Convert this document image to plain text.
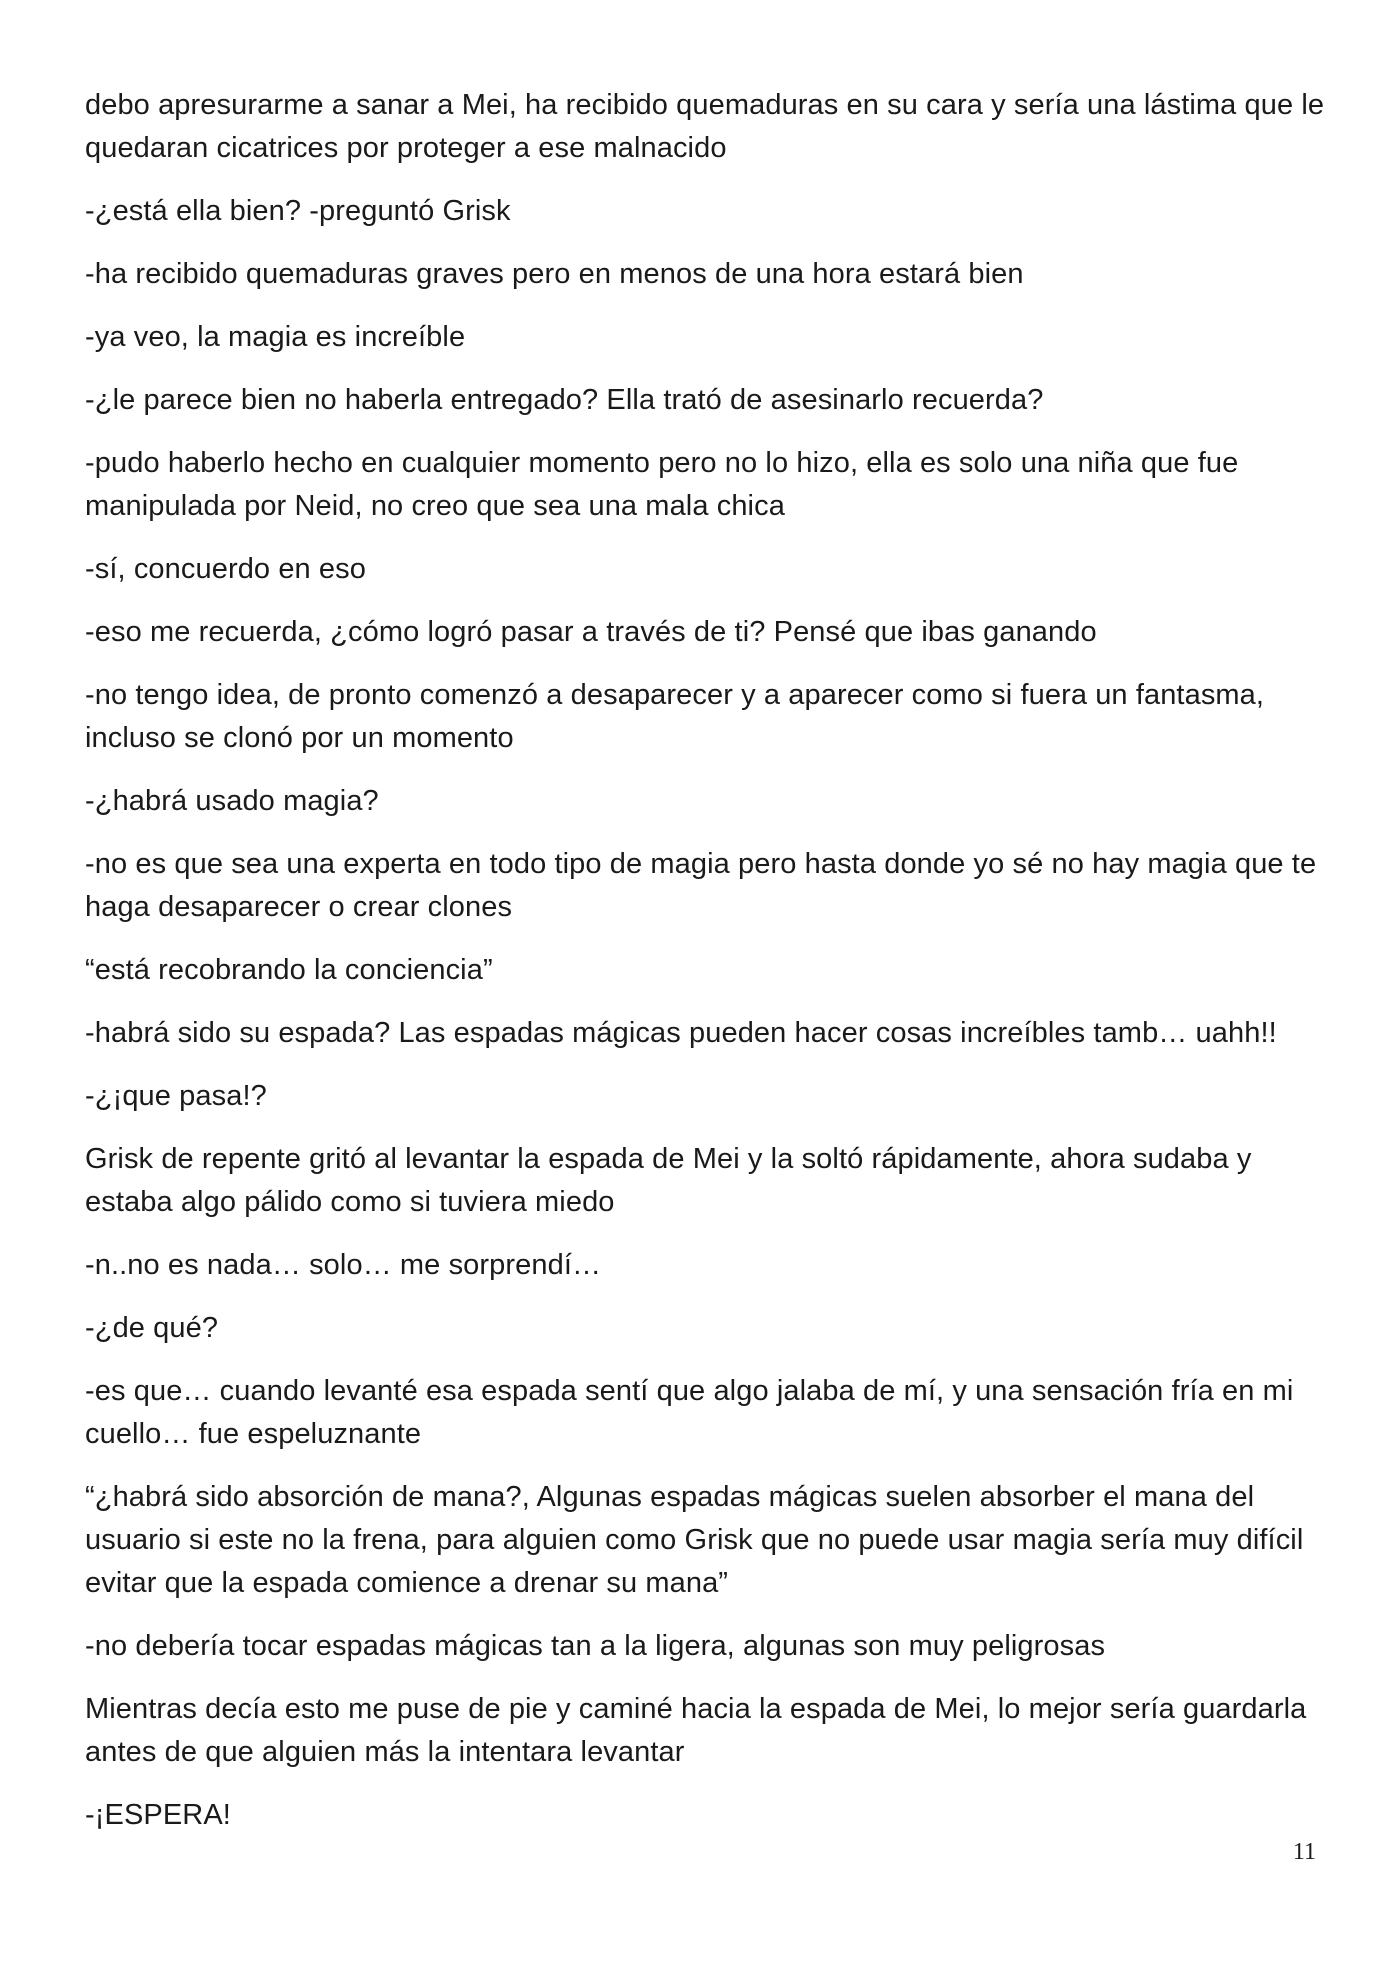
debo apresurarme a sanar a Mei, ha recibido quemaduras en su cara y sería una lástima que le quedaran cicatrices por proteger a ese malnacido

-¿está ella bien? -preguntó Grisk

-ha recibido quemaduras graves pero en menos de una hora estará bien

-ya veo, la magia es increíble

-¿le parece bien no haberla entregado? Ella trató de asesinarlo recuerda?

-pudo haberlo hecho en cualquier momento pero no lo hizo, ella es solo una niña que fue manipulada por Neid, no creo que sea una mala chica

-sí, concuerdo en eso

-eso me recuerda, ¿cómo logró pasar a través de ti? Pensé que ibas ganando

-no tengo idea, de pronto comenzó a desaparecer y a aparecer como si fuera un fantasma, incluso se clonó por un momento

-¿habrá usado magia?

-no es que sea una experta en todo tipo de magia pero hasta donde yo sé no hay magia que te haga desaparecer o crear clones

“está recobrando la conciencia”

-habrá sido su espada? Las espadas mágicas pueden hacer cosas increíbles tamb… uahh!!

-¿¡que pasa!?

Grisk de repente gritó al levantar la espada de Mei y la soltó rápidamente, ahora sudaba y estaba algo pálido como si tuviera miedo

-n..no es nada… solo… me sorprendí…

-¿de qué?

-es que… cuando levanté esa espada sentí que algo jalaba de mí, y una sensación fría en mi cuello… fue espeluznante

“¿habrá sido absorción de mana?, Algunas espadas mágicas suelen absorber el mana del usuario si este no la frena, para alguien como Grisk que no puede usar magia sería muy difícil evitar que la espada comience a drenar su mana”

-no debería tocar espadas mágicas tan a la ligera, algunas son muy peligrosas

Mientras decía esto me puse de pie y caminé hacia la espada de Mei, lo mejor sería guardarla antes de que alguien más la intentara levantar

-¡ESPERA!

11
